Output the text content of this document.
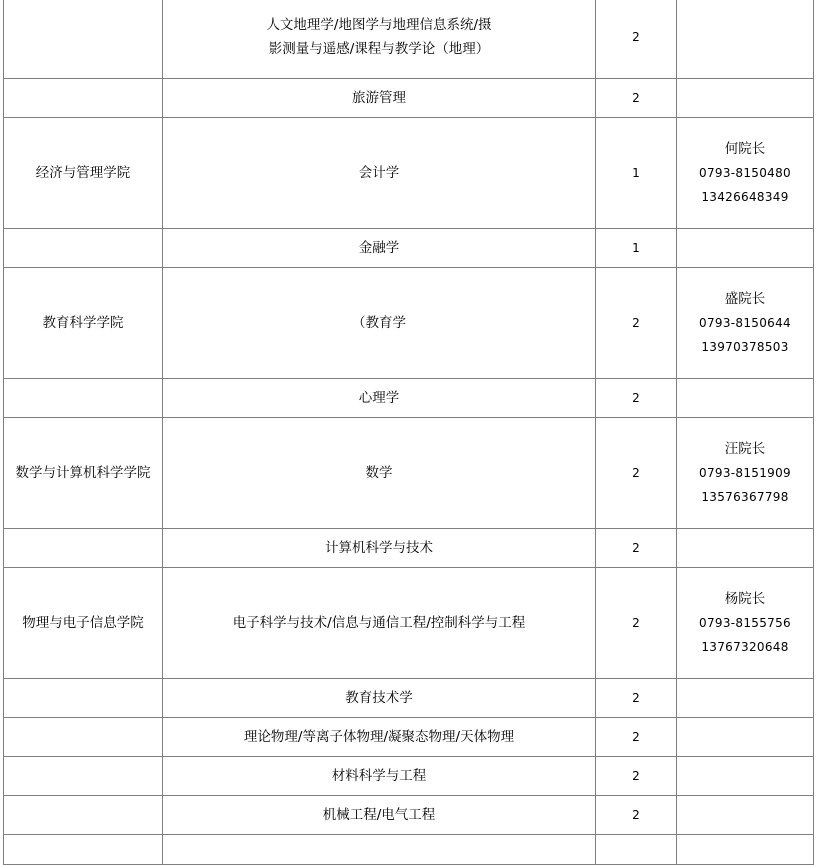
	人文地理学/地图学与地理信息系统/摄影测量与遥感/课程与教学论（地理）	2	
	旅游管理	2	
经济与管理学院	会计学	1	何院长
0793-8150480
13426648349

	金融学	1	
教育科学学院	（教育学	2	盛院长
0793-8150644
13970378503

	心理学	2	
数学与计算机科学学院	数学	2	汪院长
0793-8151909
13576367798

	计算机科学与技术	2	
物理与电子信息学院	电子科学与技术/信息与通信工程/控制科学与工程	2	杨院长
0793-8155756
13767320648

	教育技术学	2	
	理论物理/等离子体物理/凝聚态物理/天体物理	2	
	材料科学与工程	2	
	机械工程/电气工程	2	
